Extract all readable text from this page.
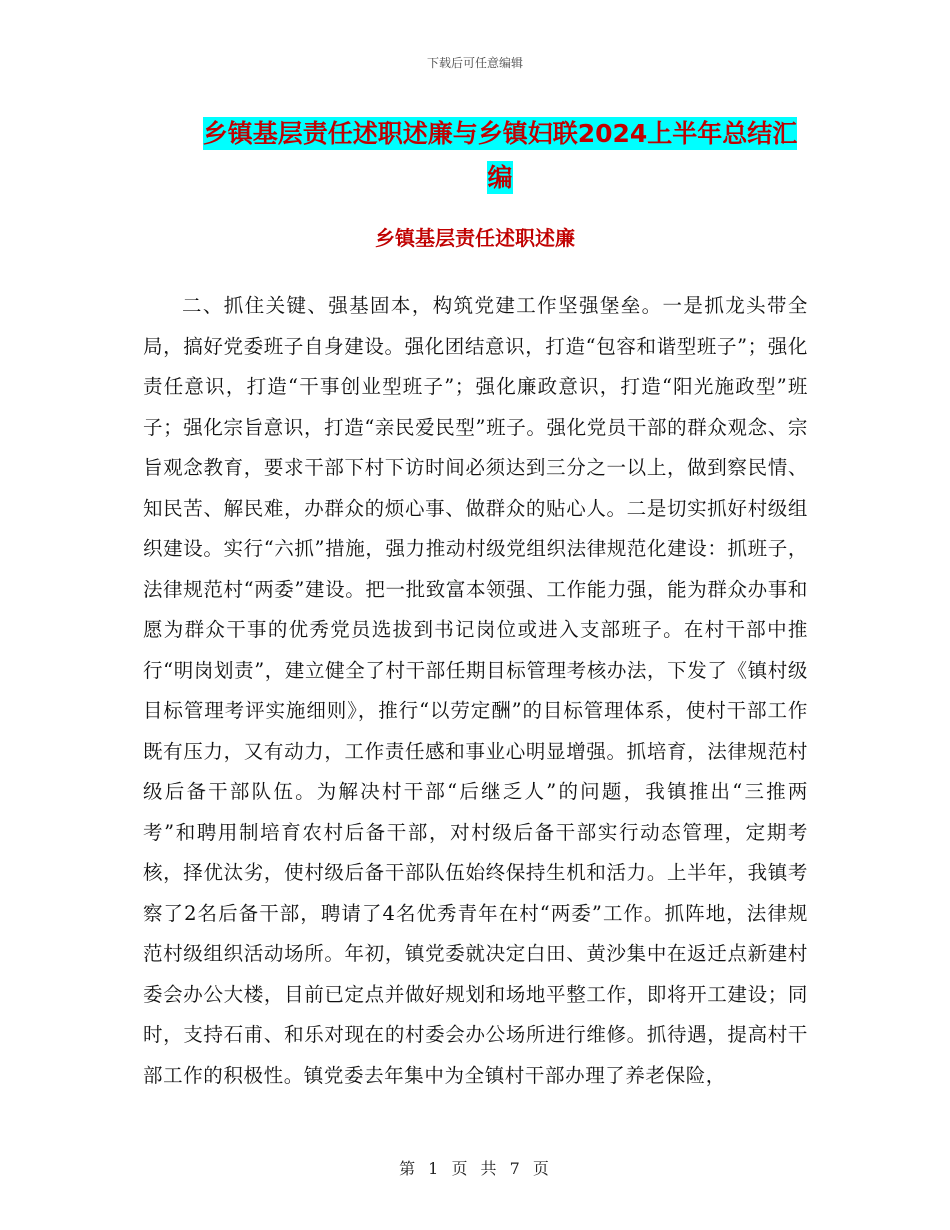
下载后可任意编辑
乡镇基层责任述职述廉与乡镇妇联2024上半年总结汇
编
乡镇基层责任述职述廉

二、抓住关键、强基固本，构筑党建工作坚强堡垒。一是抓龙头带全局，搞好党委班子自身建设。强化团结意识，打造“包容和谐型班子”；强化责任意识，打造“干事创业型班子”；强化廉政意识，打造“阳光施政型”班子；强化宗旨意识，打造“亲民爱民型”班子。强化党员干部的群众观念、宗旨观念教育，要求干部下村下访时间必须达到三分之一以上，做到察民情、知民苦、解民难，办群众的烦心事、做群众的贴心人。二是切实抓好村级组织建设。实行“六抓”措施，强力推动村级党组织法律规范化建设：抓班子，法律规范村“两委”建设。把一批致富本领强、工作能力强，能为群众办事和愿为群众干事的优秀党员选拔到书记岗位或进入支部班子。在村干部中推行“明岗划责”，建立健全了村干部任期目标管理考核办法，下发了《镇村级目标管理考评实施细则》，推行“以劳定酬”的目标管理体系，使村干部工作既有压力，又有动力，工作责任感和事业心明显增强。抓培育，法律规范村级后备干部队伍。为解决村干部“后继乏人”的问题，我镇推出“三推两考”和聘用制培育农村后备干部，对村级后备干部实行动态管理，定期考核，择优汰劣，使村级后备干部队伍始终保持生机和活力。上半年，我镇考察了2名后备干部，聘请了4名优秀青年在村“两委”工作。抓阵地，法律规范村级组织活动场所。年初，镇党委就决定白田、黄沙集中在返迁点新建村委会办公大楼，目前已定点并做好规划和场地平整工作，即将开工建设；同时，支持石甫、和乐对现在的村委会办公场所进行维修。抓待遇，提高村干部工作的积极性。镇党委去年集中为全镇村干部办理了养老保险，

第 1 页 共 7 页
